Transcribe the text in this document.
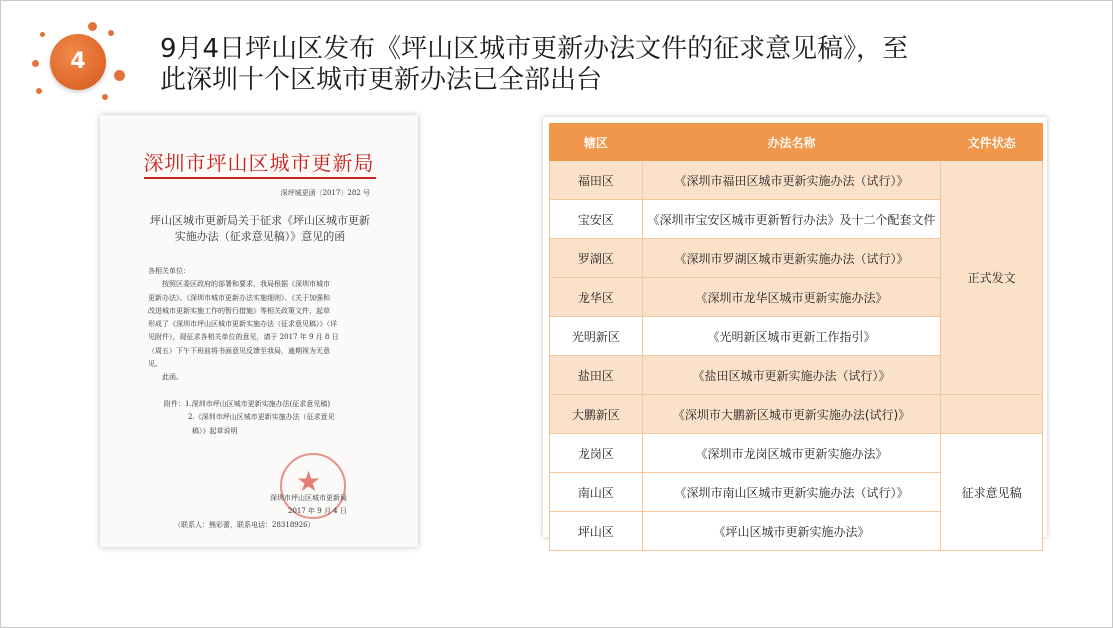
4	9月4日坪山区发布《坪山区城市更新办法文件的征求意见稿》，至
此深圳十个区城市更新办法已全部出台
深圳市坪山区城市更新局
深坪城更函〔2017〕282 号
坪山区城市更新局关于征求《坪山区城市更新
实施办法（征求意见稿）》意见的函

各相关单位：

按照区委区政府的部署和要求，我局根据《深圳市城市

更新办法》、《深圳市城市更新办法实施细则》、《关于加强和

改进城市更新实施工作的暂行措施》等相关政策文件，起草

形成了《深圳市坪山区城市更新实施办法（征求意见稿）》（详

见附件），现征求各相关单位的意见，请于 2017 年 9 月 8 日

（周五）下午下班前将书面意见反馈至我局，逾期视为无意

见。

此函。

附件：1.深圳市坪山区城市更新实施办法(征求意见稿)

2.《深圳市坪山区城市更新实施办法（征求意见

稿）》起草说明

★
深圳市坪山区城市更新局
2017 年 9 月 4 日
（联系人：熊彩蕾，联系电话：28318926）
辖区	办法名称	文件状态
福田区	《深圳市福田区城市更新实施办法（试行）》	正式发文
宝安区	《深圳市宝安区城市更新暂行办法》及十二个配套文件	
罗湖区	《深圳市罗湖区城市更新实施办法（试行）》	
龙华区	《深圳市龙华区城市更新实施办法》	
光明新区	《光明新区城市更新工作指引》	
盐田区	《盐田区城市更新实施办法（试行）》	
大鹏新区	《深圳市大鹏新区城市更新实施办法(试行)》	
龙岗区	《深圳市龙岗区城市更新实施办法》	征求意见稿
南山区	《深圳市南山区城市更新实施办法（试行）》	
坪山区	《坪山区城市更新实施办法》	
